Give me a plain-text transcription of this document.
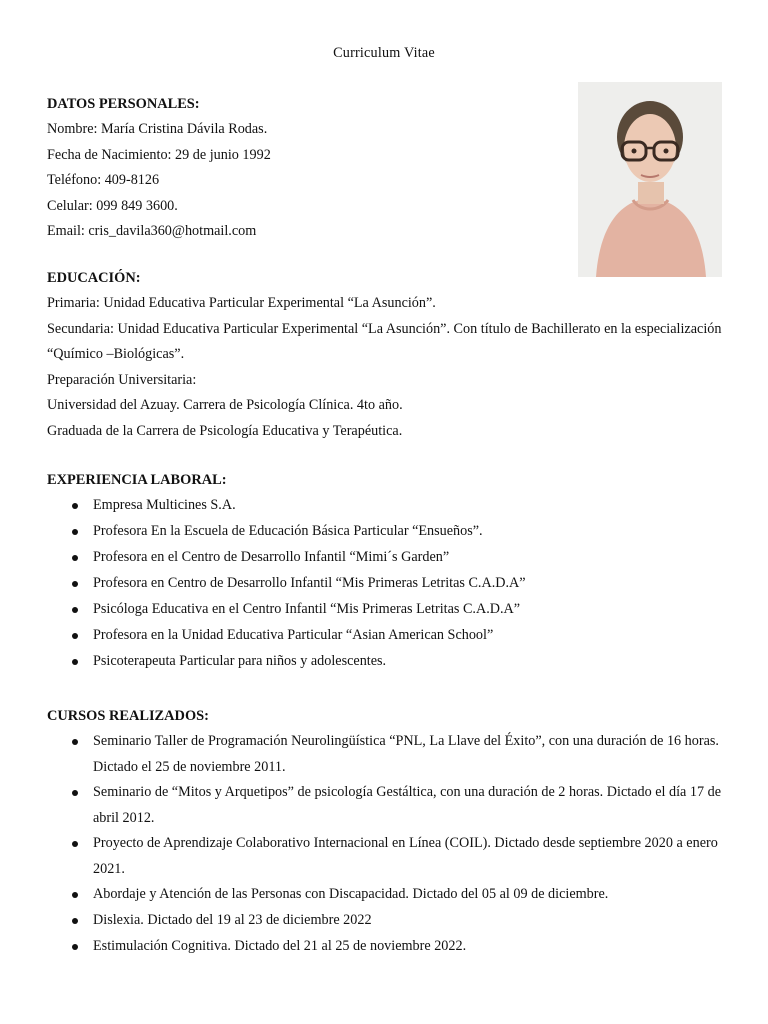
Curriculum Vitae
DATOS PERSONALES:
Nombre: María Cristina Dávila Rodas.
Fecha de Nacimiento: 29 de junio 1992
Teléfono: 409-8126
Celular: 099 849 3600.
Email: cris_davila360@hotmail.com
EDUCACIÓN:
Primaria: Unidad Educativa Particular Experimental “La Asunción”.
Secundaria: Unidad Educativa Particular Experimental “La Asunción”. Con título de Bachillerato en la especialización “Químico –Biológicas”.
Preparación Universitaria:
Universidad del Azuay. Carrera de Psicología Clínica. 4to año.
Graduada de la Carrera de Psicología Educativa y Terapéutica.
EXPERIENCIA LABORAL:
Empresa Multicines S.A.
Profesora En la Escuela de Educación Básica Particular “Ensueños”.
Profesora en el Centro de Desarrollo Infantil “Mimi´s Garden”
Profesora en Centro de Desarrollo Infantil “Mis Primeras Letritas C.A.D.A”
Psicóloga Educativa en el Centro Infantil “Mis Primeras Letritas C.A.D.A”
Profesora en la Unidad Educativa Particular “Asian American School”
Psicoterapeuta Particular para niños y adolescentes.
CURSOS REALIZADOS:
Seminario Taller de Programación Neurolingüística “PNL, La Llave del Éxito”, con una duración de 16 horas. Dictado el 25 de noviembre 2011.
Seminario de “Mitos y Arquetipos” de psicología Gestáltica, con una duración de 2 horas. Dictado el día 17 de abril 2012.
Proyecto de Aprendizaje Colaborativo Internacional en Línea (COIL). Dictado desde septiembre 2020 a enero 2021.
Abordaje y Atención de las Personas con Discapacidad. Dictado del 05 al 09 de diciembre.
Dislexia. Dictado del 19 al 23 de diciembre 2022
Estimulación Cognitiva. Dictado del 21 al 25 de noviembre 2022.
